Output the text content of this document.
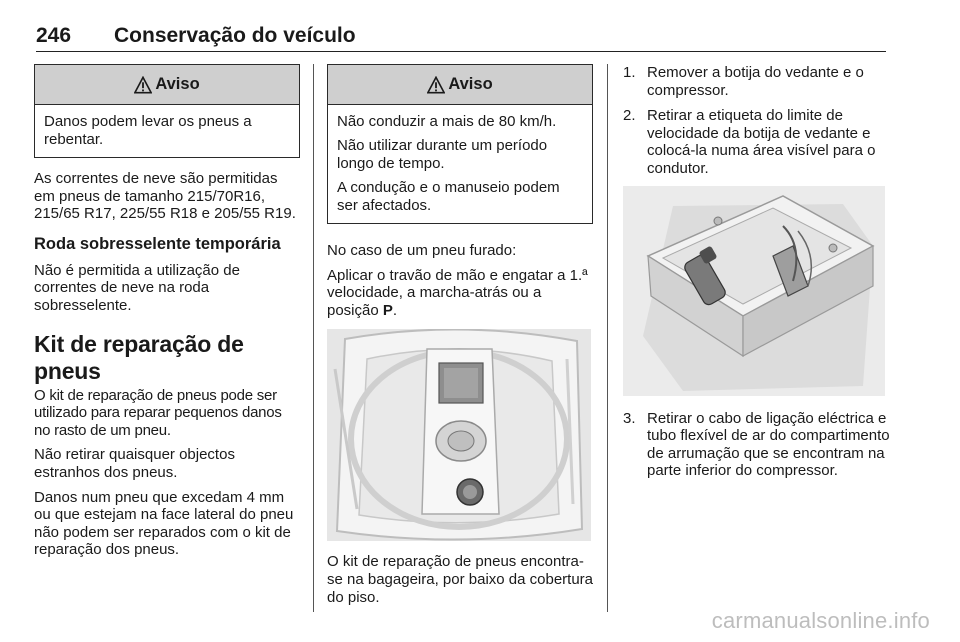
246 Conservação do veículo
Aviso

Danos podem levar os pneus a rebentar.

As correntes de neve são permitidas em pneus de tamanho 215/70R16, 215/65 R17, 225/55 R18 e 205/55 R19.

Roda sobresselente temporária

Não é permitida a utilização de correntes de neve na roda sobresselente.

Kit de reparação de pneus

O kit de reparação de pneus pode ser utilizado para reparar pequenos danos no rasto de um pneu.

Não retirar quaisquer objectos estranhos dos pneus.

Danos num pneu que excedam 4 mm ou que estejam na face lateral do pneu não podem ser reparados com o kit de reparação dos pneus.

Aviso

Não conduzir a mais de 80 km/h.

Não utilizar durante um período longo de tempo.

A condução e o manuseio podem ser afectados.

No caso de um pneu furado:

Aplicar o travão de mão e engatar a 1.ª velocidade, a marcha-atrás ou a posição P.

O kit de reparação de pneus encontra-se na bagageira, por baixo da cobertura do piso.

1. Remover a botija do vedante e o compressor.
2. Retirar a etiqueta do limite de velocidade da botija de vedante e colocá-la numa área visível para o condutor.
3. Retirar o cabo de ligação eléctrica e tubo flexível de ar do compartimento de arrumação que se encontram na parte inferior do compressor.
carmanualsonline.info
